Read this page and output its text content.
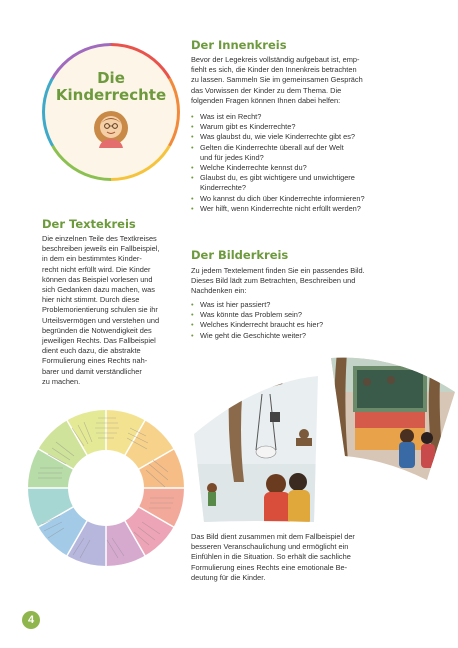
Die
Kinderrechte
Der Innenkreis

Bevor der Legekreis vollständig aufgebaut ist, emp-
fiehlt es sich, die Kinder den Innenkreis betrachten
zu lassen. Sammeln Sie im gemeinsamen Gespräch
das Vorwissen der Kinder zu dem Thema. Die
folgenden Fragen können Ihnen dabei helfen:

• Was ist ein Recht?
• Warum gibt es Kinderrechte?
• Was glaubst du, wie viele Kinderrechte gibt es?
• Gelten die Kinderrechte überall auf der Welt
und für jedes Kind?
• Welche Kinderrechte kennst du?
• Glaubst du, es gibt wichtigere und unwichtigere
Kinderrechte?
• Wo kannst du dich über Kinderrechte informieren?
• Wer hilft, wenn Kinderrechte nicht erfüllt werden?
Der Textekreis

Die einzelnen Teile des Textkreises
beschreiben jeweils ein Fallbeispiel,
in dem ein bestimmtes Kinder-
recht nicht erfüllt wird. Die Kinder
können das Beispiel vorlesen und
sich Gedanken dazu machen, was
hier nicht stimmt. Durch diese
Problemorientierung schulen sie ihr
Urteilsvermögen und verstehen und
begründen die Notwendigkeit des
jeweiligen Rechts. Das Fallbeispiel
dient euch dazu, die abstrakte
Formulierung eines Rechts nah-
barer und damit verständlicher
zu machen.

Der Bilderkreis

Zu jedem Textelement finden Sie ein passendes Bild.
Dieses Bild lädt zum Betrachten, Beschreiben und
Nachdenken ein:

• Was ist hier passiert?
• Was könnte das Problem sein?
• Welches Kinderrecht braucht es hier?
• Wie geht die Geschichte weiter?

Das Bild dient zusammen mit dem Fallbeispiel der
besseren Veranschaulichung und ermöglicht ein
Einfühlen in die Situation. So erhält die sachliche
Formulierung eines Rechts eine emotionale Be-
deutung für die Kinder.

4
